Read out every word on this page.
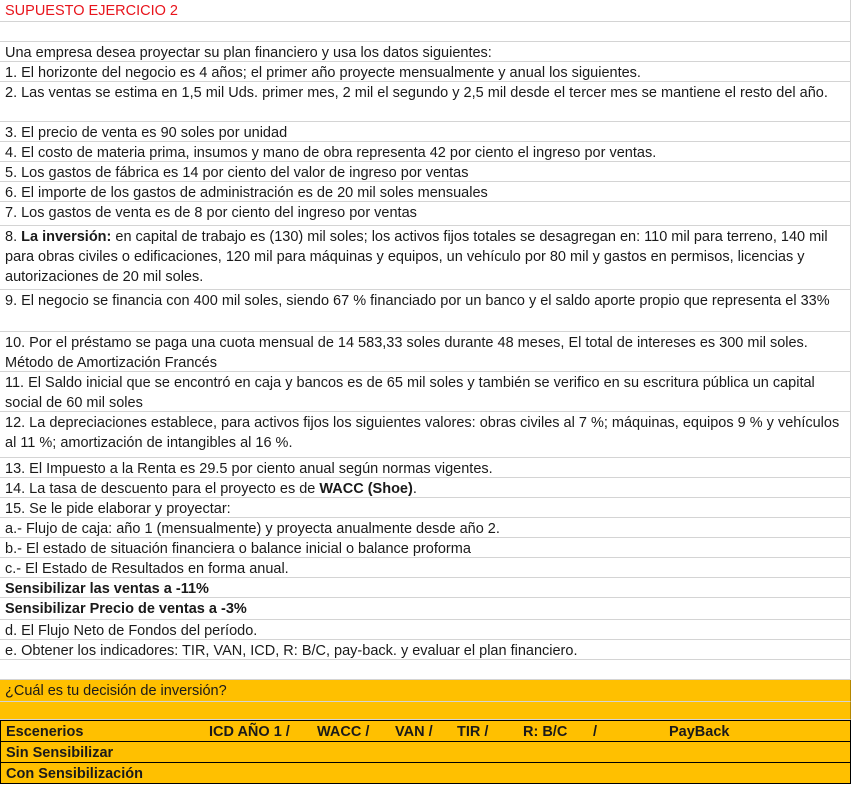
SUPUESTO EJERCICIO 2
Una empresa desea proyectar su plan financiero y usa los datos siguientes:
1. El horizonte del negocio es 4 años; el primer año proyecte mensualmente y anual los siguientes.
2. Las ventas se estima en 1,5 mil Uds. primer mes, 2 mil el segundo y 2,5 mil desde el tercer mes se mantiene el resto del año.
3. El precio de venta es 90 soles por unidad
4. El costo de materia prima, insumos y mano de obra representa 42 por ciento el ingreso por ventas.
5. Los gastos de fábrica es 14 por ciento del valor de ingreso por ventas
6. El importe de los gastos de administración es de 20 mil soles mensuales
7. Los gastos de venta es de 8 por ciento del ingreso por ventas
8. La inversión: en capital de trabajo es (130) mil soles; los activos fijos totales se desagregan en: 110 mil para terreno, 140 mil para obras civiles o edificaciones, 120 mil para máquinas y equipos, un vehículo por 80 mil y gastos en permisos, licencias y autorizaciones de 20 mil soles.
9. El negocio se financia con 400 mil soles, siendo 67 % financiado por un banco y el saldo aporte propio que representa el 33%
10. Por el préstamo se paga una cuota mensual de 14 583,33 soles durante 48 meses, El total de intereses es 300 mil soles. Método de Amortización Francés
11. El Saldo inicial que se encontró en caja y bancos es de 65 mil soles y también se verifico en su escritura pública un capital social de 60 mil soles
12. La depreciaciones establece, para activos fijos los siguientes valores: obras civiles al 7 %; máquinas, equipos 9 % y vehículos al 11 %; amortización de intangibles al 16 %.
13. El Impuesto a la Renta es 29.5 por ciento anual según normas vigentes.
14. La tasa de descuento para el proyecto es de WACC (Shoe).
15. Se le pide elaborar y proyectar:
a.- Flujo de caja: año 1 (mensualmente) y proyecta anualmente desde año 2.
b.- El estado de situación financiera o balance inicial o balance proforma
c.- El Estado de Resultados en forma anual.
Sensibilizar las ventas a -11%
Sensibilizar Precio de ventas a -3%
d. El Flujo Neto de Fondos del período.
e. Obtener los indicadores: TIR, VAN, ICD, R: B/C, pay-back. y evaluar el plan financiero.
¿Cuál es tu decisión de inversión?
Escenerios	ICD AÑO 1 / WACC / VAN / TIR / R: B/C /	PayBack
Sin Sensibilizar
Con Sensibilización
